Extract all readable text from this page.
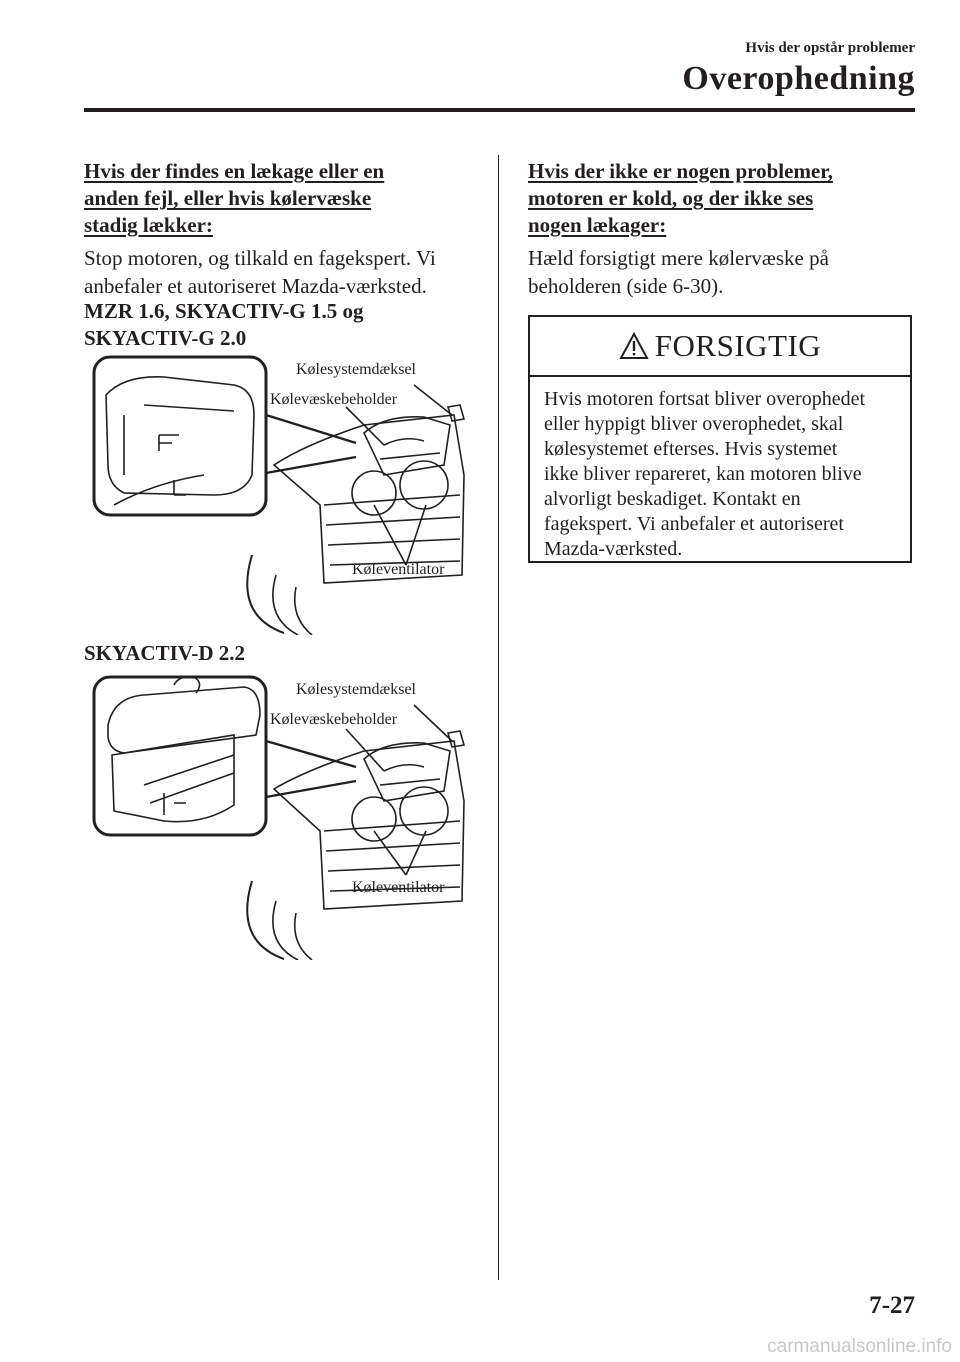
Hvis der opstår problemer
Overophedning

Hvis der findes en lækage eller en

anden fejl, eller hvis kølervæske

stadig lækker:

Stop motoren, og tilkald en fagekspert. Vi

anbefaler et autoriseret Mazda-værksted.

MZR 1.6, SKYACTIV-G 1.5 og

SKYACTIV-G 2.0

Kølesystemdæksel
Kølevæskebeholder
Køleventilator

SKYACTIV-D 2.2

Kølesystemdæksel
Kølevæskebeholder
Køleventilator

Hvis der ikke er nogen problemer,

motoren er kold, og der ikke ses

nogen lækager:

Hæld forsigtigt mere kølervæske på

beholderen (side 6-30).

FORSIGTIG
Hvis motoren fortsat bliver overophedet
eller hyppigt bliver overophedet, skal
kølesystemet efterses. Hvis systemet
ikke bliver repareret, kan motoren blive
alvorligt beskadiget. Kontakt en
fagekspert. Vi anbefaler et autoriseret
Mazda-værksted.
7-27
carmanualsonline.info
